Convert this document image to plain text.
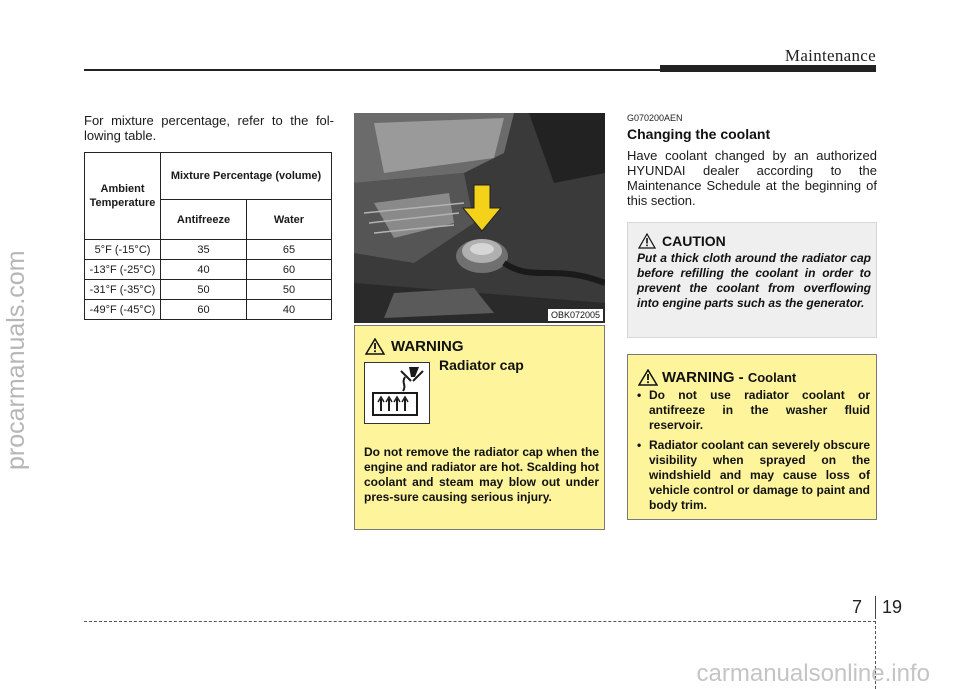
Maintenance
procarmanuals.com

For mixture percentage, refer to the fol-lowing table.

Ambient Temperature	Mixture Percentage (volume)	
	Antifreeze	Water
5°F (-15°C)	35	65
-13°F (-25°C)	40	60
-31°F (-35°C)	50	50
-49°F (-45°C)	60	40	OBK072005
WARNING
Radiator cap
Do not remove the radiator cap when the engine and radiator are hot. Scalding hot coolant and steam may blow out under pres-sure causing serious injury.
G070200AEN
Changing the coolant

Have coolant changed by an authorized HYUNDAI dealer according to the Maintenance Schedule at the beginning of this section.

CAUTION
Put a thick cloth around the radiator cap before refilling the coolant in order to prevent the coolant from overflowing into engine parts such as the generator.
WARNING - Coolant
• Do not use radiator coolant or antifreeze in the washer fluid reservoir.
• Radiator coolant can severely obscure visibility when sprayed on the windshield and may cause loss of vehicle control or damage to paint and body trim.
7 19
carmanualsonline.info
